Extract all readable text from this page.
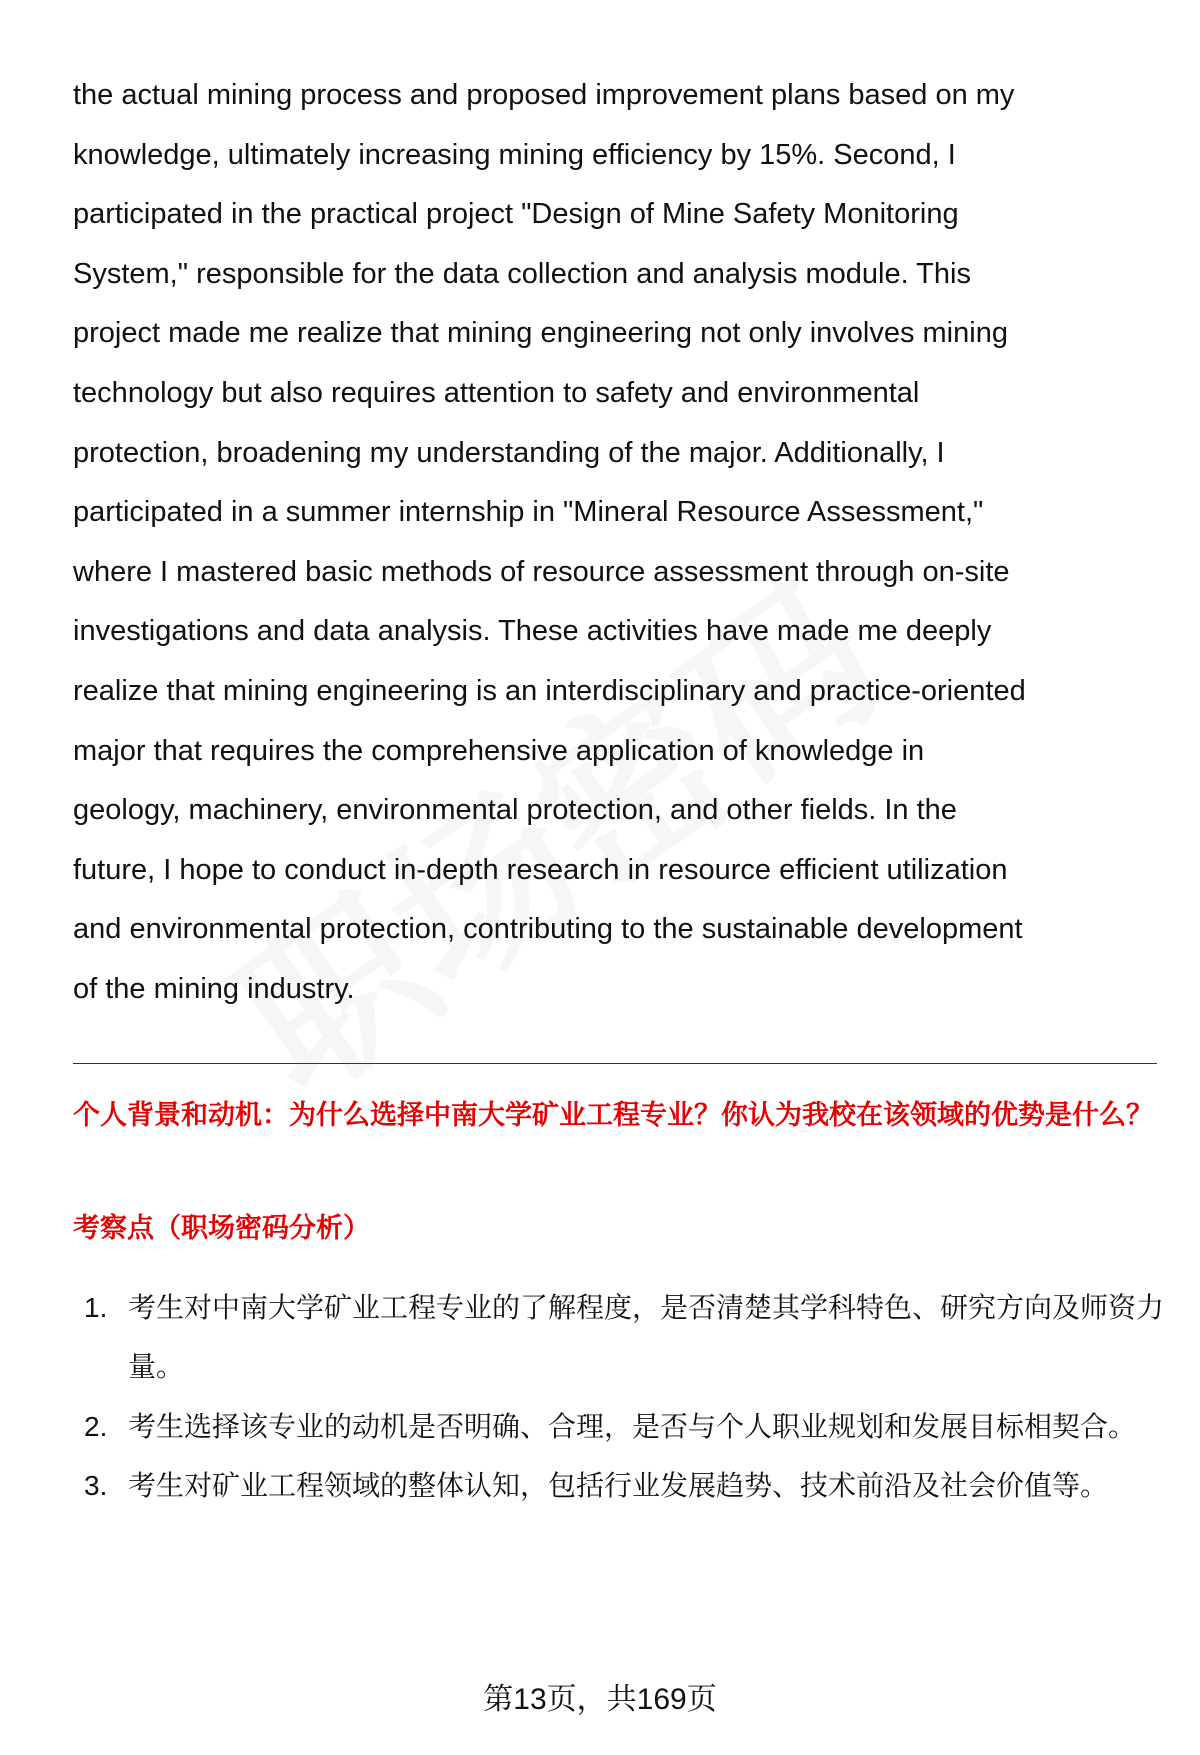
the actual mining process and proposed improvement plans based on my
knowledge, ultimately increasing mining efficiency by 15%. Second, I
participated in the practical project "Design of Mine Safety Monitoring
System," responsible for the data collection and analysis module. This
project made me realize that mining engineering not only involves mining
technology but also requires attention to safety and environmental
protection, broadening my understanding of the major. Additionally, I
participated in a summer internship in "Mineral Resource Assessment,"
where I mastered basic methods of resource assessment through on-site
investigations and data analysis. These activities have made me deeply
realize that mining engineering is an interdisciplinary and practice-oriented
major that requires the comprehensive application of knowledge in
geology, machinery, environmental protection, and other fields. In the
future, I hope to conduct in-depth research in resource efficient utilization
and environmental protection, contributing to the sustainable development
of the mining industry.
个人背景和动机：为什么选择中南大学矿业工程专业？你认为我校在该领域的优势是什么？
考察点（职场密码分析）
1. 考生对中南大学矿业工程专业的了解程度，是否清楚其学科特色、研究方向及师资力量。
2. 考生选择该专业的动机是否明确、合理，是否与个人职业规划和发展目标相契合。
3. 考生对矿业工程领域的整体认知，包括行业发展趋势、技术前沿及社会价值等。
第13页，共169页
